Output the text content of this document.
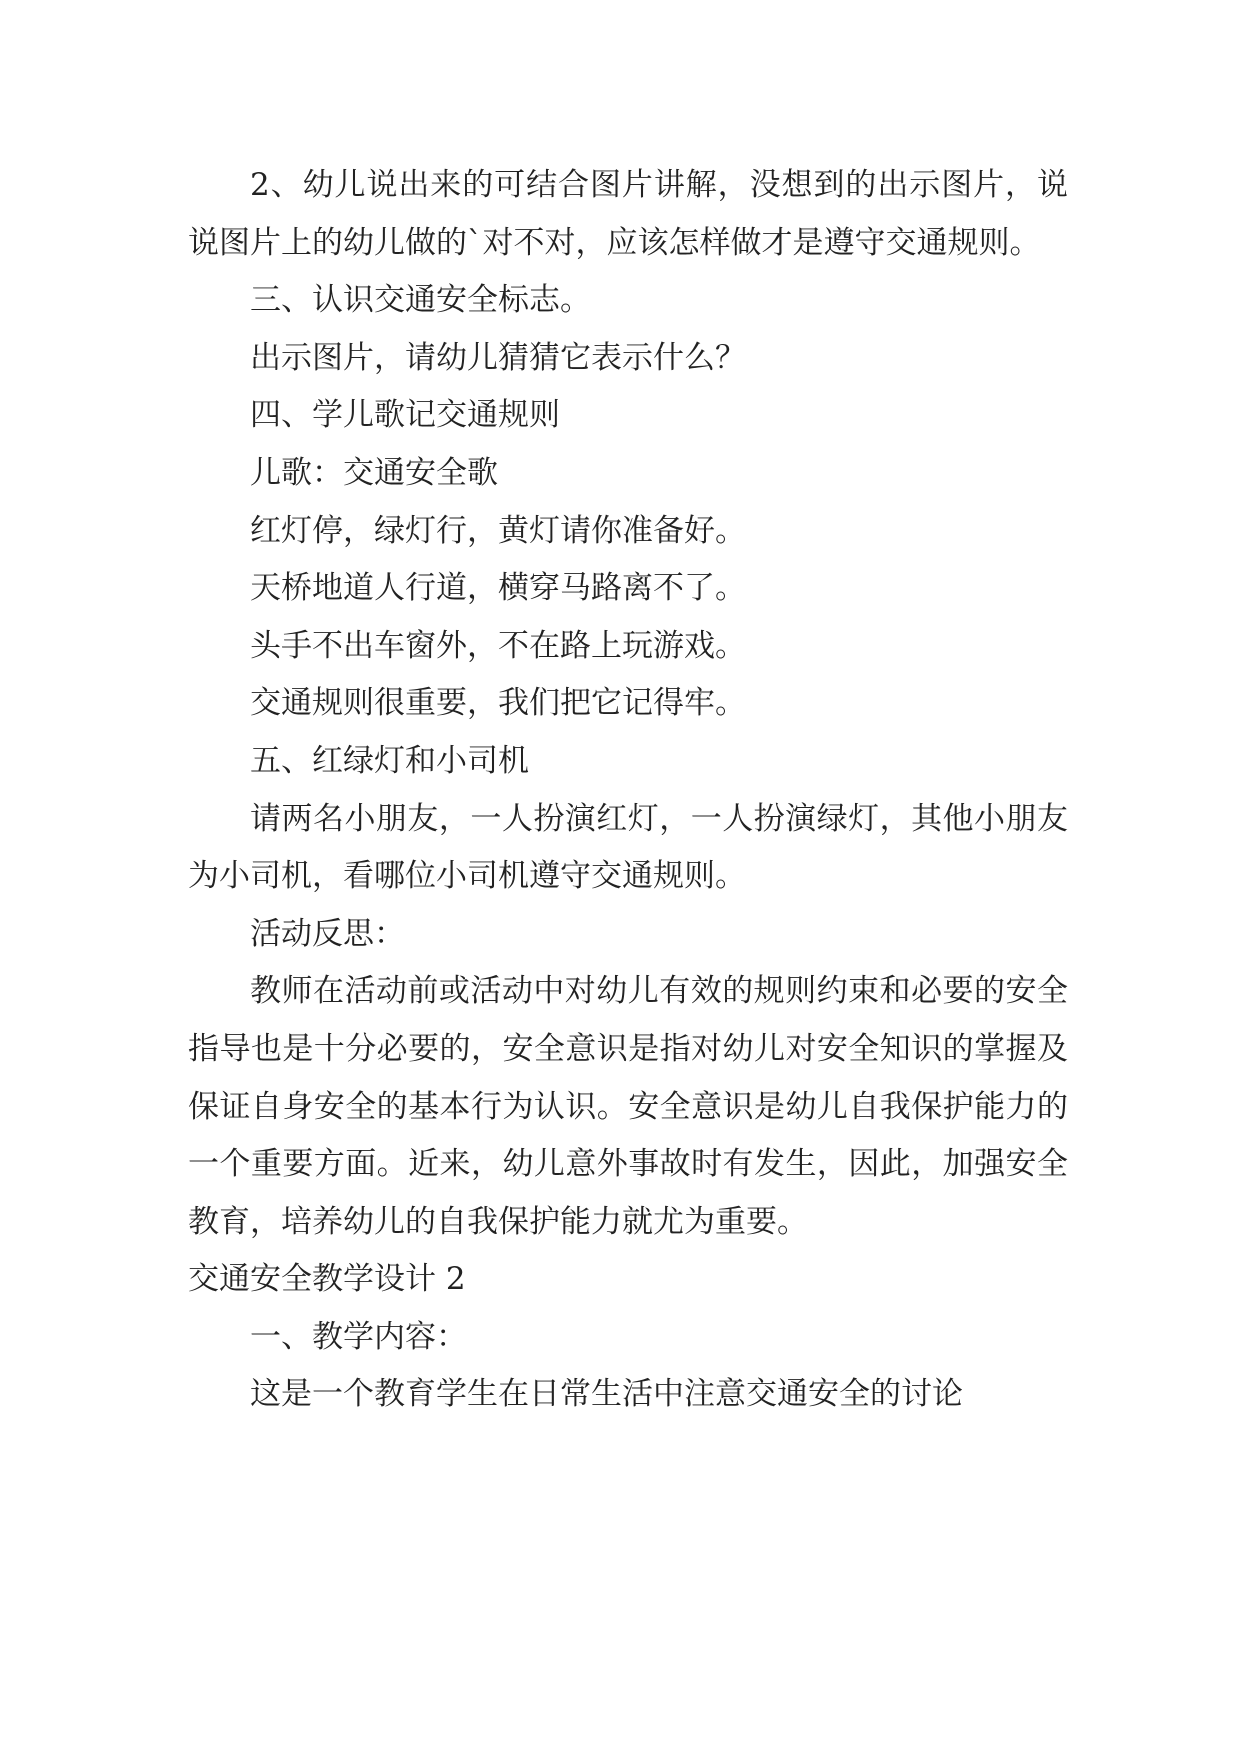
2、幼儿说出来的可结合图片讲解，没想到的出示图片，说说图片上的幼儿做的`对不对，应该怎样做才是遵守交通规则。

三、认识交通安全标志。

出示图片，请幼儿猜猜它表示什么？

四、学儿歌记交通规则

儿歌：交通安全歌

红灯停，绿灯行，黄灯请你准备好。

天桥地道人行道，横穿马路离不了。

头手不出车窗外，不在路上玩游戏。

交通规则很重要，我们把它记得牢。

五、红绿灯和小司机

请两名小朋友，一人扮演红灯，一人扮演绿灯，其他小朋友为小司机，看哪位小司机遵守交通规则。

活动反思：

教师在活动前或活动中对幼儿有效的规则约束和必要的安全指导也是十分必要的，安全意识是指对幼儿对安全知识的掌握及保证自身安全的基本行为认识。安全意识是幼儿自我保护能力的一个重要方面。近来，幼儿意外事故时有发生，因此，加强安全教育，培养幼儿的自我保护能力就尤为重要。

交通安全教学设计 2

一、教学内容：

这是一个教育学生在日常生活中注意交通安全的讨论
